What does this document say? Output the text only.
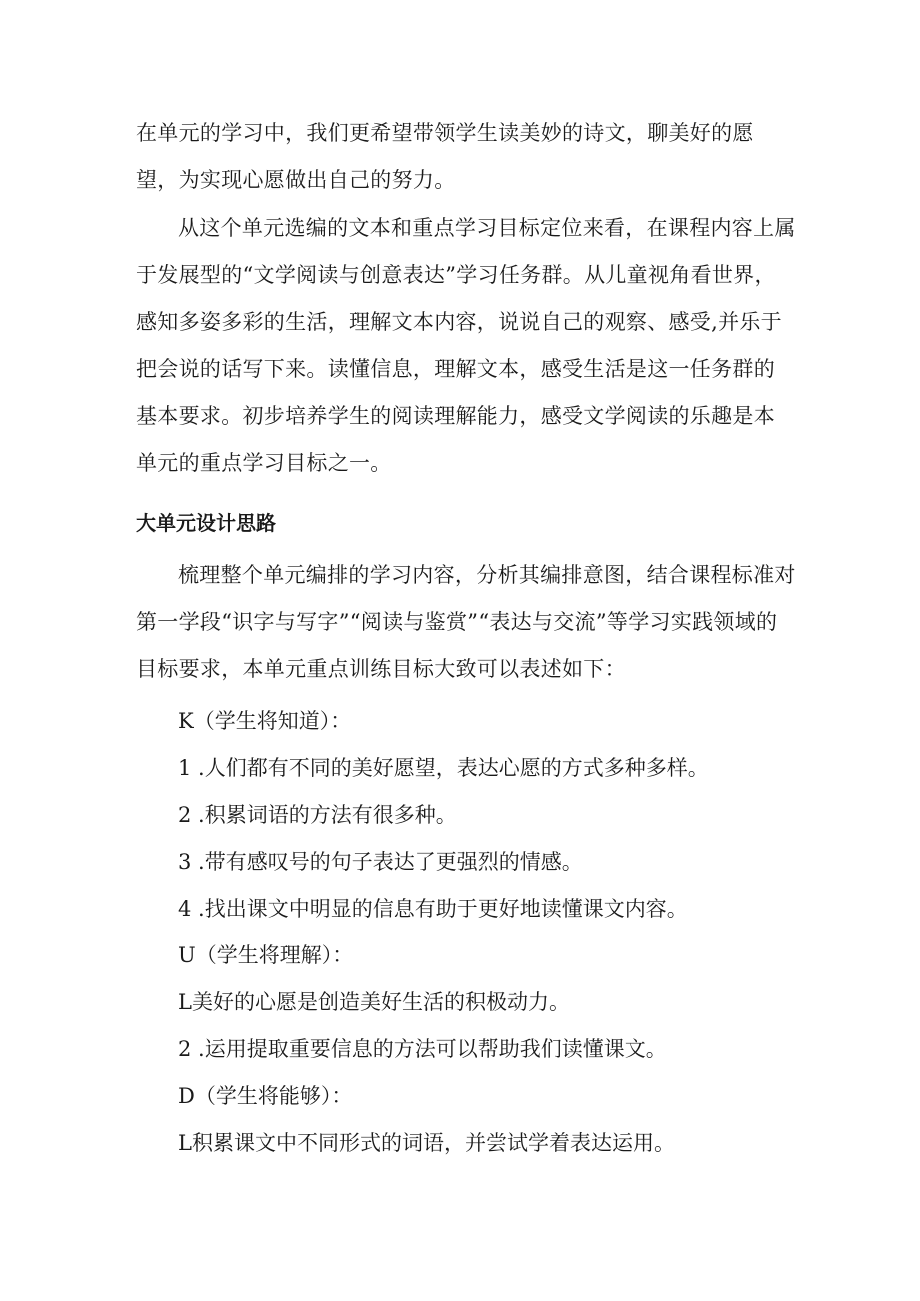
在单元的学习中，我们更希望带领学生读美妙的诗文，聊美好的愿望，为实现心愿做出自己的努力。

从这个单元选编的文本和重点学习目标定位来看，在课程内容上属于发展型的“文学阅读与创意表达”学习任务群。从儿童视角看世界，感知多姿多彩的生活，理解文本内容，说说自己的观察、感受,并乐于把会说的话写下来。读懂信息，理解文本，感受生活是这一任务群的基本要求。初步培养学生的阅读理解能力，感受文学阅读的乐趣是本单元的重点学习目标之一。

大单元设计思路

梳理整个单元编排的学习内容，分析其编排意图，结合课程标准对第一学段“识字与写字”“阅读与鉴赏”“表达与交流”等学习实践领域的目标要求，本单元重点训练目标大致可以表述如下：

K（学生将知道）：

1 .人们都有不同的美好愿望，表达心愿的方式多种多样。

2 .积累词语的方法有很多种。

3 .带有感叹号的句子表达了更强烈的情感。

4 .找出课文中明显的信息有助于更好地读懂课文内容。

U（学生将理解）：

L美好的心愿是创造美好生活的积极动力。

2 .运用提取重要信息的方法可以帮助我们读懂课文。

D（学生将能够）：

L积累课文中不同形式的词语，并尝试学着表达运用。
